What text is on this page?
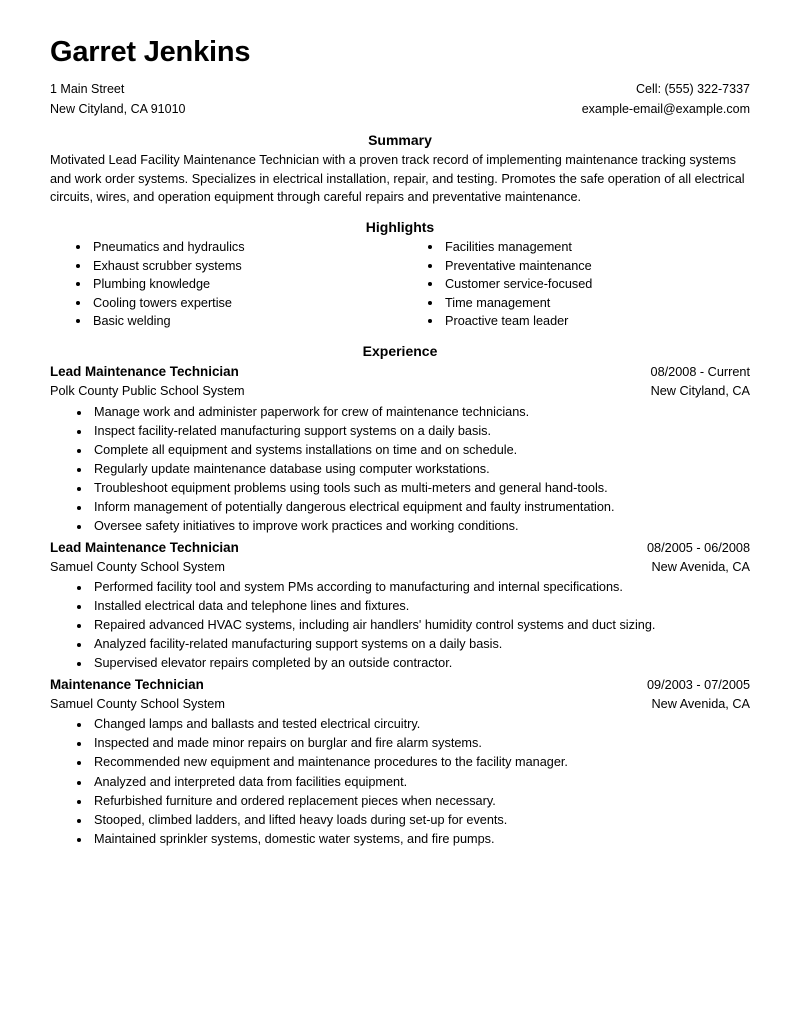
Garret Jenkins
1 Main Street
New Cityland, CA 91010
Cell: (555) 322-7337
example-email@example.com
Summary

Motivated Lead Facility Maintenance Technician with a proven track record of implementing maintenance tracking systems and work order systems. Specializes in electrical installation, repair, and testing. Promotes the safe operation of all electrical circuits, wires, and operation equipment through careful repairs and preventative maintenance.

Highlights
Pneumatics and hydraulics
Exhaust scrubber systems
Plumbing knowledge
Cooling towers expertise
Basic welding
Facilities management
Preventative maintenance
Customer service-focused
Time management
Proactive team leader
Experience
Lead Maintenance Technician	08/2008 - Current
Polk County Public School System	New Cityland, CA
Manage work and administer paperwork for crew of maintenance technicians.
Inspect facility-related manufacturing support systems on a daily basis.
Complete all equipment and systems installations on time and on schedule.
Regularly update maintenance database using computer workstations.
Troubleshoot equipment problems using tools such as multi-meters and general hand-tools.
Inform management of potentially dangerous electrical equipment and faulty instrumentation.
Oversee safety initiatives to improve work practices and working conditions.
Lead Maintenance Technician	08/2005 - 06/2008
Samuel County School System	New Avenida, CA
Performed facility tool and system PMs according to manufacturing and internal specifications.
Installed electrical data and telephone lines and fixtures.
Repaired advanced HVAC systems, including air handlers' humidity control systems and duct sizing.
Analyzed facility-related manufacturing support systems on a daily basis.
Supervised elevator repairs completed by an outside contractor.
Maintenance Technician	09/2003 - 07/2005
Samuel County School System	New Avenida, CA
Changed lamps and ballasts and tested electrical circuitry.
Inspected and made minor repairs on burglar and fire alarm systems.
Recommended new equipment and maintenance procedures to the facility manager.
Analyzed and interpreted data from facilities equipment.
Refurbished furniture and ordered replacement pieces when necessary.
Stooped, climbed ladders, and lifted heavy loads during set-up for events.
Maintained sprinkler systems, domestic water systems, and fire pumps.
